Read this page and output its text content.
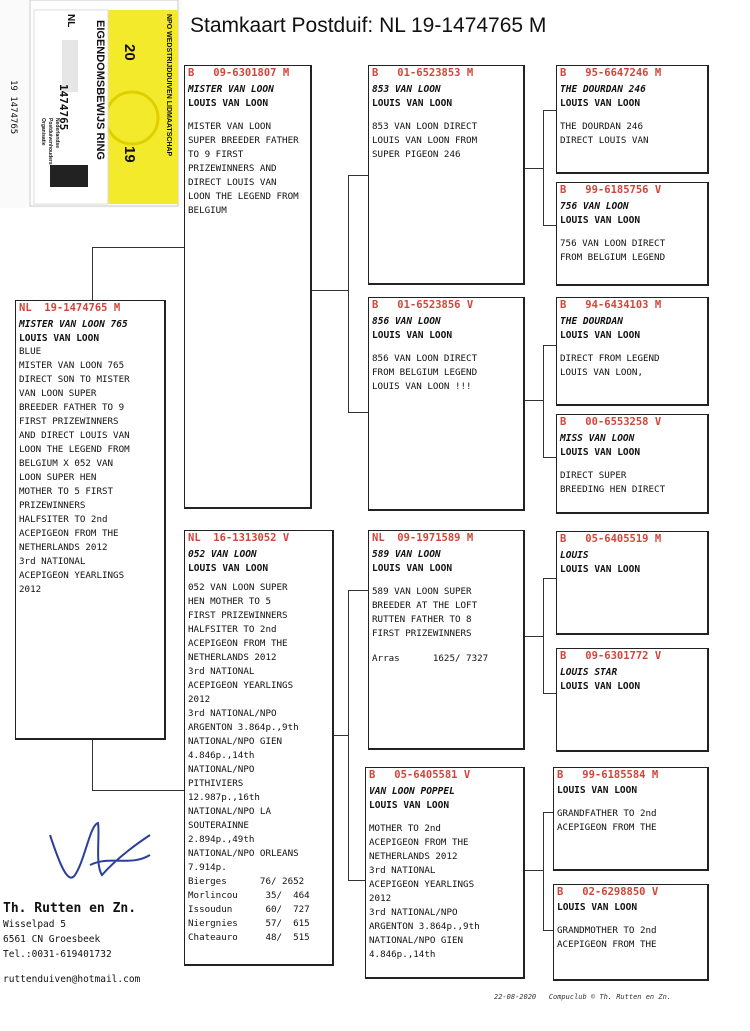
20
19	NPO WEDSTRIJDDUIVEN LIDMAATSCHAP
EIGENDOMSBEWIJS RING
NL
1474765
19 1474765	Nederlandse
Postduivenhouders
Organisatie
Stamkaart Postduif: NL 19-1474765 M
NL  19-1474765 M
MISTER VAN LOON 765
LOUIS VAN LOON
BLUE
MISTER VAN LOON 765
DIRECT SON TO MISTER
VAN LOON SUPER
BREEDER FATHER TO 9
FIRST PRIZEWINNERS
AND DIRECT LOUIS VAN
LOON THE LEGEND FROM
BELGIUM X 052 VAN
LOON SUPER HEN
MOTHER TO 5 FIRST
PRIZEWINNERS
HALFSITER TO 2nd
ACEPIGEON FROM THE
NETHERLANDS 2012
3rd NATIONAL
ACEPIGEON YEARLINGS
2012
B   09-6301807 M
MISTER VAN LOON
LOUIS VAN LOON
MISTER VAN LOON
SUPER BREEDER FATHER
TO 9 FIRST
PRIZEWINNERS AND
DIRECT LOUIS VAN
LOON THE LEGEND FROM
BELGIUM
NL  16-1313052 V
052 VAN LOON
LOUIS VAN LOON
052 VAN LOON SUPER
HEN MOTHER TO 5
FIRST PRIZEWINNERS
HALFSITER TO 2nd
ACEPIGEON FROM THE
NETHERLANDS 2012
3rd NATIONAL
ACEPIGEON YEARLINGS
2012
3rd NATIONAL/NPO
ARGENTON 3.864p.,9th
NATIONAL/NPO GIEN
4.846p.,14th
NATIONAL/NPO
PITHIVIERS
12.987p.,16th
NATIONAL/NPO LA
SOUTERAINNE
2.894p.,49th
NATIONAL/NPO ORLEANS
7.914p.
Bierges      76/ 2652
Morlincou     35/  464
Issoudun      60/  727
Niergnies     57/  615
Chateauro     48/  515
B   01-6523853 M
853 VAN LOON
LOUIS VAN LOON
853 VAN LOON DIRECT
LOUIS VAN LOON FROM
SUPER PIGEON 246
B   01-6523856 V
856 VAN LOON
LOUIS VAN LOON
856 VAN LOON DIRECT
FROM BELGIUM LEGEND
LOUIS VAN LOON !!!
NL  09-1971589 M
589 VAN LOON
LOUIS VAN LOON
589 VAN LOON SUPER
BREEDER AT THE LOFT
RUTTEN FATHER TO 8
FIRST PRIZEWINNERS
Arras      1625/ 7327
B   05-6405581 V
VAN LOON POPPEL
LOUIS VAN LOON
MOTHER TO 2nd
ACEPIGEON FROM THE
NETHERLANDS 2012
3rd NATIONAL
ACEPIGEON YEARLINGS
2012
3rd NATIONAL/NPO
ARGENTON 3.864p.,9th
NATIONAL/NPO GIEN
4.846p.,14th
B   95-6647246 M
THE DOURDAN 246
LOUIS VAN LOON
THE DOURDAN 246
DIRECT LOUIS VAN
B   99-6185756 V
756 VAN LOON
LOUIS VAN LOON
756 VAN LOON DIRECT
FROM BELGIUM LEGEND
B   94-6434103 M
THE DOURDAN
LOUIS VAN LOON
DIRECT FROM LEGEND
LOUIS VAN LOON,
B   00-6553258 V
MISS VAN LOON
LOUIS VAN LOON
DIRECT SUPER
BREEDING HEN DIRECT
B   05-6405519 M
LOUIS
LOUIS VAN LOON
B   09-6301772 V
LOUIS STAR
LOUIS VAN LOON
B   99-6185584 M
LOUIS VAN LOON
GRANDFATHER TO 2nd
ACEPIGEON FROM THE
B   02-6298850 V
LOUIS VAN LOON
GRANDMOTHER TO 2nd
ACEPIGEON FROM THE
Th. Rutten en Zn.
Wisselpad 5
6561 CN Groesbeek
Tel.:0031-619401732
ruttenduiven@hotmail.com
22-08-2020   Compuclub © Th. Rutten en Zn.
